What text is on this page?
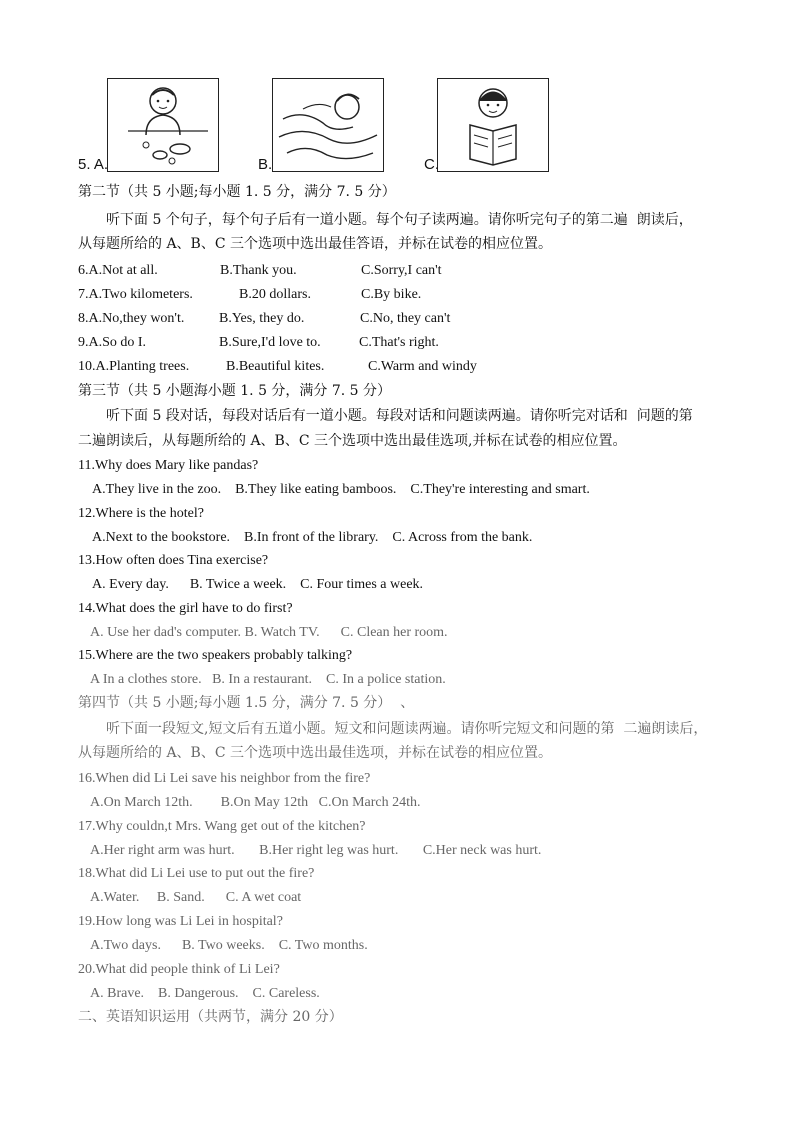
5. A.	B.	C.
第二节（共 5 小题;每小题 1. 5 分，满分 7. 5 分）
听下面 5 个句子，每个句子后有一道小题。每个句子读两遍。请你听完句子的第二遍  朗读后，
从每题所给的 A、B、C 三个选项中选出最佳答语，并标在试卷的相应位置。
6.A.Not at all.	B.Thank you.	C.Sorry,I can't
7.A.Two kilometers.	B.20 dollars.	C.By bike.
8.A.No,they won't. B.Yes, they do.	C.No, they can't
9.A.So do I.	B.Sure,I'd love to.	C.That's right.
10.A.Planting trees.	B.Beautiful kites.	C.Warm and windy
第三节（共 5 小题海小题 1. 5 分，满分 7. 5 分）
听下面 5 段对话，每段对话后有一道小题。每段对话和问题读两遍。请你听完对话和  问题的第
二遍朗读后，从每题所给的 A、B、C 三个选项中选出最佳选项,并标在试卷的相应位置。
11.Why does Mary like pandas?
A.They live in the zoo.    B.They like eating bamboos.    C.They're interesting and smart.
12.Where is the hotel?
A.Next to the bookstore.    B.In front of the library.    C. Across from the bank.
13.How often does Tina exercise?
A. Every day.      B. Twice a week.    C. Four times a week.
14.What does the girl have to do first?
A. Use her dad's computer. B. Watch TV.      C. Clean her room.
15.Where are the two speakers probably talking?
A In a clothes store.   B. In a restaurant.    C. In a police station.
第四节（共 5 小题;每小题 1.5 分，满分 7. 5 分）  、
听下面一段短文,短文后有五道小题。短文和问题读两遍。请你听完短文和问题的第  二遍朗读后，
从每题所给的 A、B、C 三个选项中选出最佳选项，并标在试卷的相应位置。
16.When did Li Lei save his neighbor from the fire?
A.On March 12th.        B.On May 12th   C.On March 24th.
17.Why couldn,t Mrs. Wang get out of the kitchen?
A.Her right arm was hurt.       B.Her right leg was hurt.       C.Her neck was hurt.
18.What did Li Lei use to put out the fire?
A.Water.     B. Sand.      C. A wet coat
19.How long was Li Lei in hospital?
A.Two days.      B. Two weeks.    C. Two months.
20.What did people think of Li Lei?
A. Brave.    B. Dangerous.    C. Careless.
二、英语知识运用（共两节，满分 20 分）
